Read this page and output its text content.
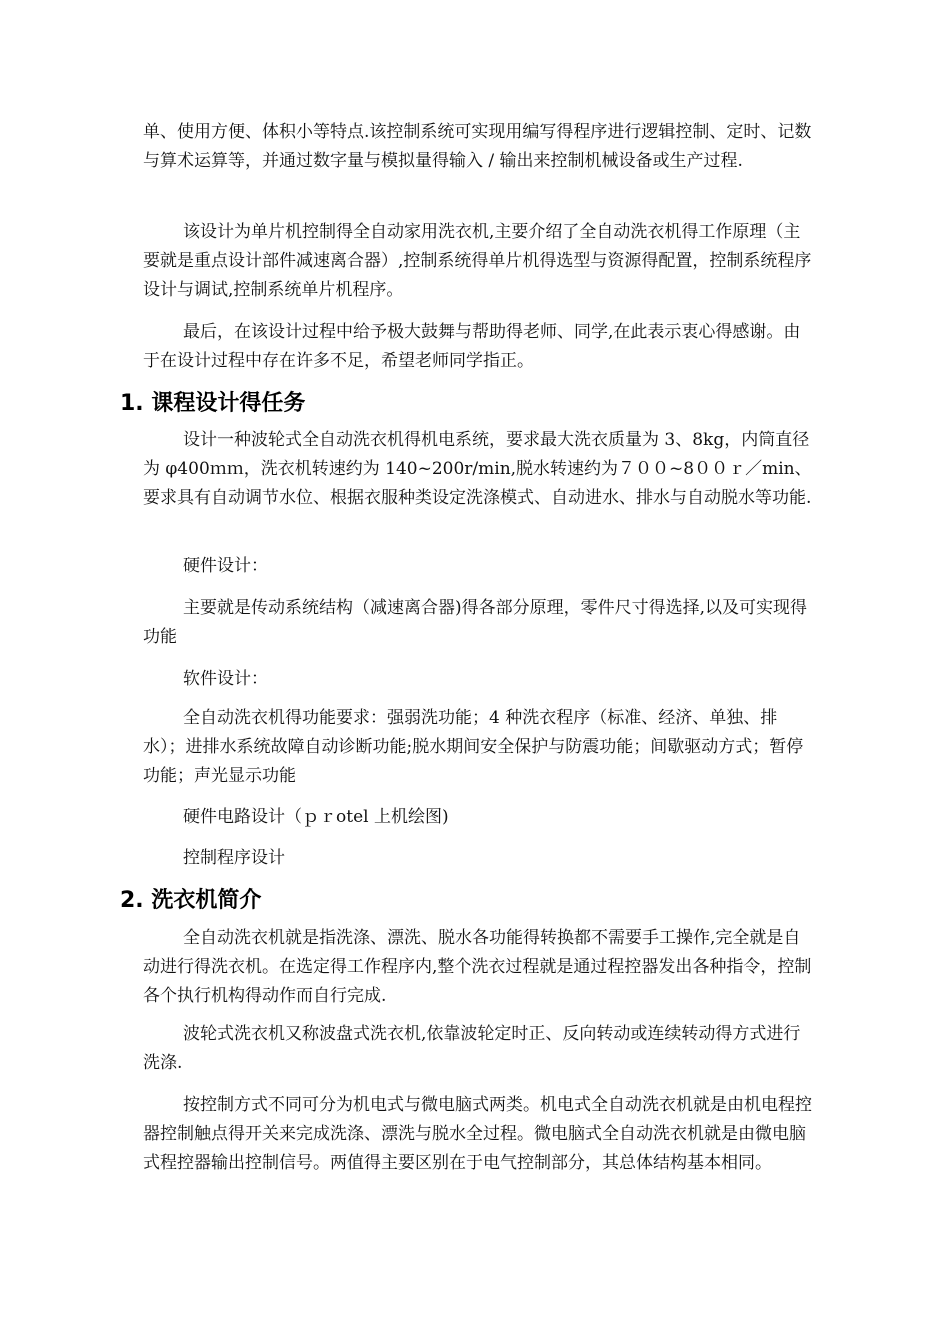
单、使用方便、体积小等特点.该控制系统可实现用编写得程序进行逻辑控制、定时、记数与算术运算等，并通过数字量与模拟量得输入 / 输出来控制机械设备或生产过程.

该设计为单片机控制得全自动家用洗衣机,主要介绍了全自动洗衣机得工作原理（主要就是重点设计部件减速离合器）,控制系统得单片机得选型与资源得配置，控制系统程序设计与调试,控制系统单片机程序。

最后，在该设计过程中给予极大鼓舞与帮助得老师、同学,在此表示衷心得感谢。由于在设计过程中存在许多不足，希望老师同学指正。

1. 课程设计得任务

设计一种波轮式全自动洗衣机得机电系统，要求最大洗衣质量为 3、8kg，内筒直径为 φ400ｍｍ，洗衣机转速约为 140~200r/min,脱水转速约为７００~8００ｒ／min、要求具有自动调节水位、根据衣服种类设定洗涤模式、自动进水、排水与自动脱水等功能.

硬件设计：

主要就是传动系统结构（减速离合器)得各部分原理，零件尺寸得选择,以及可实现得功能

软件设计：

全自动洗衣机得功能要求：强弱洗功能；4 种洗衣程序（标准、经济、单独、排水）；进排水系统故障自动诊断功能;脱水期间安全保护与防震功能；间歇驱动方式；暂停功能；声光显示功能

硬件电路设计（ｐｒotel 上机绘图)

控制程序设计

2. 洗衣机简介

全自动洗衣机就是指洗涤、漂洗、脱水各功能得转换都不需要手工操作,完全就是自动进行得洗衣机。在选定得工作程序内,整个洗衣过程就是通过程控器发出各种指令，控制各个执行机构得动作而自行完成.

波轮式洗衣机又称波盘式洗衣机,依靠波轮定时正、反向转动或连续转动得方式进行洗涤.

按控制方式不同可分为机电式与微电脑式两类。机电式全自动洗衣机就是由机电程控器控制触点得开关来完成洗涤、漂洗与脱水全过程。微电脑式全自动洗衣机就是由微电脑式程控器输出控制信号。两值得主要区别在于电气控制部分，其总体结构基本相同。
